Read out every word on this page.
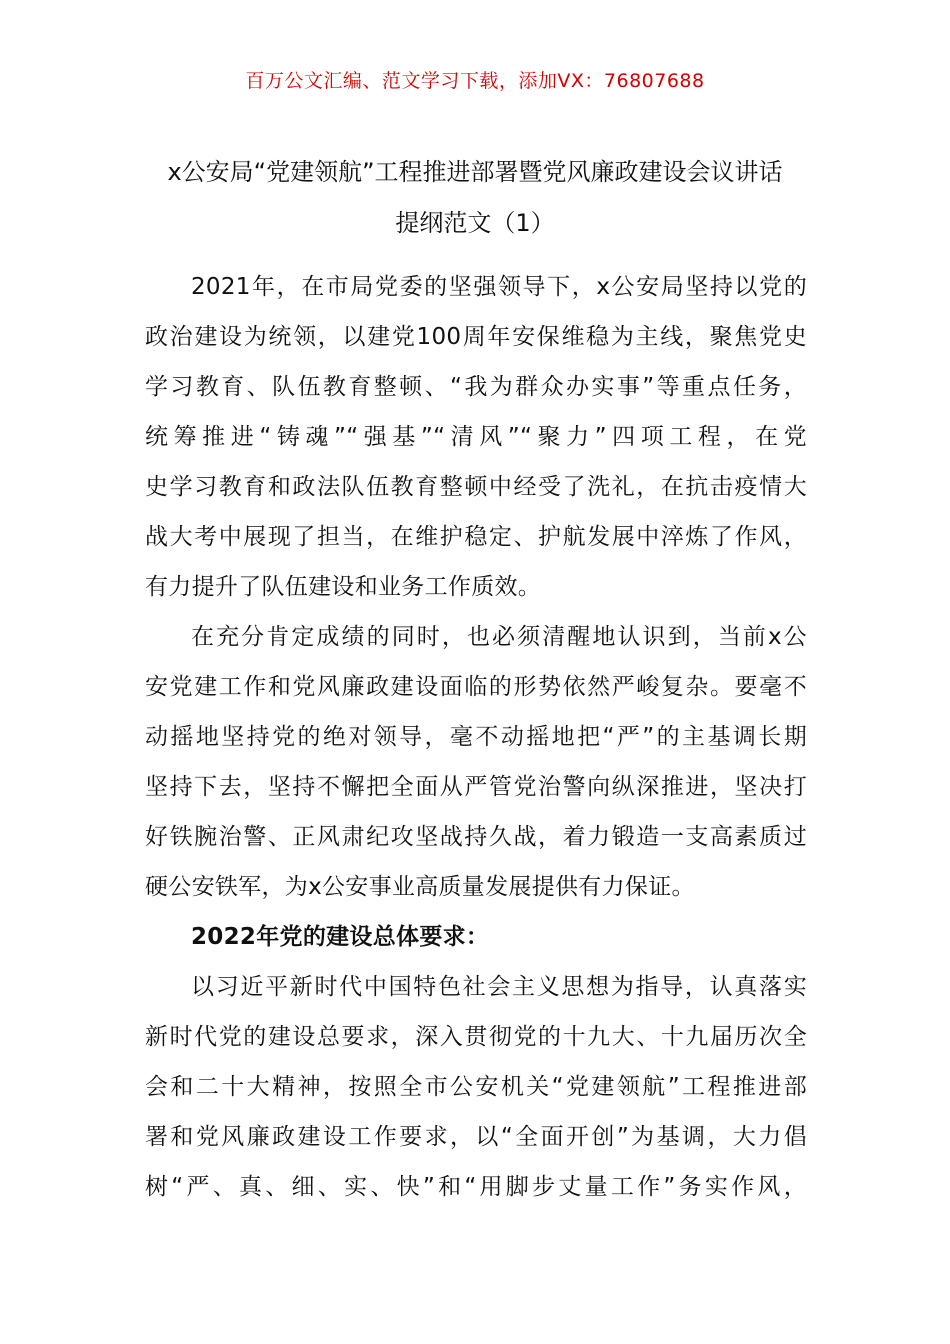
百万公文汇编、范文学习下载，添加VX：76807688
x公安局“党建领航”工程推进部署暨党风廉政建设会议讲话
提纲范文（1）
2021年，在市局党委的坚强领导下，x公安局坚持以党的
政治建设为统领，以建党100周年安保维稳为主线，聚焦党史
学习教育、队伍教育整顿、“我为群众办实事”等重点任务，
统筹推进“铸魂”“强基”“清风”“聚力”四项工程，在党
史学习教育和政法队伍教育整顿中经受了洗礼，在抗击疫情大
战大考中展现了担当，在维护稳定、护航发展中淬炼了作风，
有力提升了队伍建设和业务工作质效。
在充分肯定成绩的同时，也必须清醒地认识到，当前x公
安党建工作和党风廉政建设面临的形势依然严峻复杂。要毫不
动摇地坚持党的绝对领导，毫不动摇地把“严”的主基调长期
坚持下去，坚持不懈把全面从严管党治警向纵深推进，坚决打
好铁腕治警、正风肃纪攻坚战持久战，着力锻造一支高素质过
硬公安铁军，为x公安事业高质量发展提供有力保证。
2022年党的建设总体要求：
以习近平新时代中国特色社会主义思想为指导，认真落实
新时代党的建设总要求，深入贯彻党的十九大、十九届历次全
会和二十大精神，按照全市公安机关“党建领航”工程推进部
署和党风廉政建设工作要求，以“全面开创”为基调，大力倡
树“严、真、细、实、快”和“用脚步丈量工作”务实作风，
